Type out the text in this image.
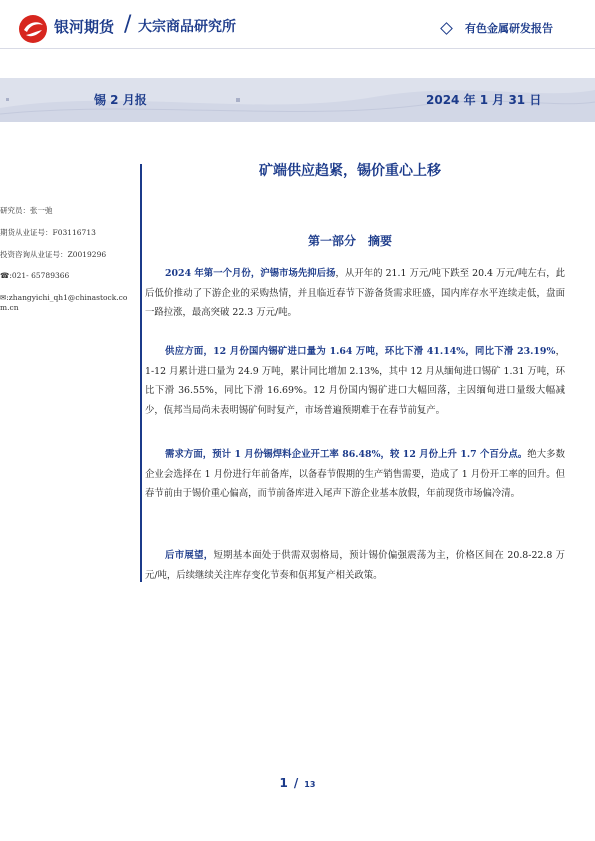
银河期货 / 大宗商品研究所	有色金属研发报告
锡 2 月报	2024 年 1 月 31 日
研究员：张一弛
期货从业证号：F03116713
投资咨询从业证号：Z0019296
☎:021- 65789366
✉:zhangyichi_qh1@chinastock.com.cn
矿端供应趋紧，锡价重心上移
第一部分　摘要

2024 年第一个月份，沪锡市场先抑后扬，从开年的 21.1 万元/吨下跌至 20.4 万元/吨左右，此后低价推动了下游企业的采购热情，并且临近春节下游备货需求旺盛，国内库存水平连续走低，盘面一路拉涨，最高突破 22.3 万元/吨。

供应方面，12 月份国内锡矿进口量为 1.64 万吨，环比下滑 41.14%，同比下滑 23.19%，1-12 月累计进口量为 24.9 万吨，累计同比增加 2.13%，其中 12 月从缅甸进口锡矿 1.31 万吨，环比下滑 36.55%，同比下滑 16.69%。12 月份国内锡矿进口大幅回落，主因缅甸进口量级大幅减少，佤邦当局尚未表明锡矿何时复产，市场普遍预期难于在春节前复产。

需求方面，预计 1 月份锡焊料企业开工率 86.48%，较 12 月份上升 1.7 个百分点。绝大多数企业会选择在 1 月份进行年前备库，以备春节假期的生产销售需要，造成了 1 月份开工率的回升。但春节前由于锡价重心偏高，而节前备库进入尾声下游企业基本放假，年前现货市场偏冷清。

后市展望，短期基本面处于供需双弱格局，预计锡价偏强震荡为主，价格区间在 20.8-22.8 万元/吨，后续继续关注库存变化节奏和佤邦复产相关政策。

1 / 13
